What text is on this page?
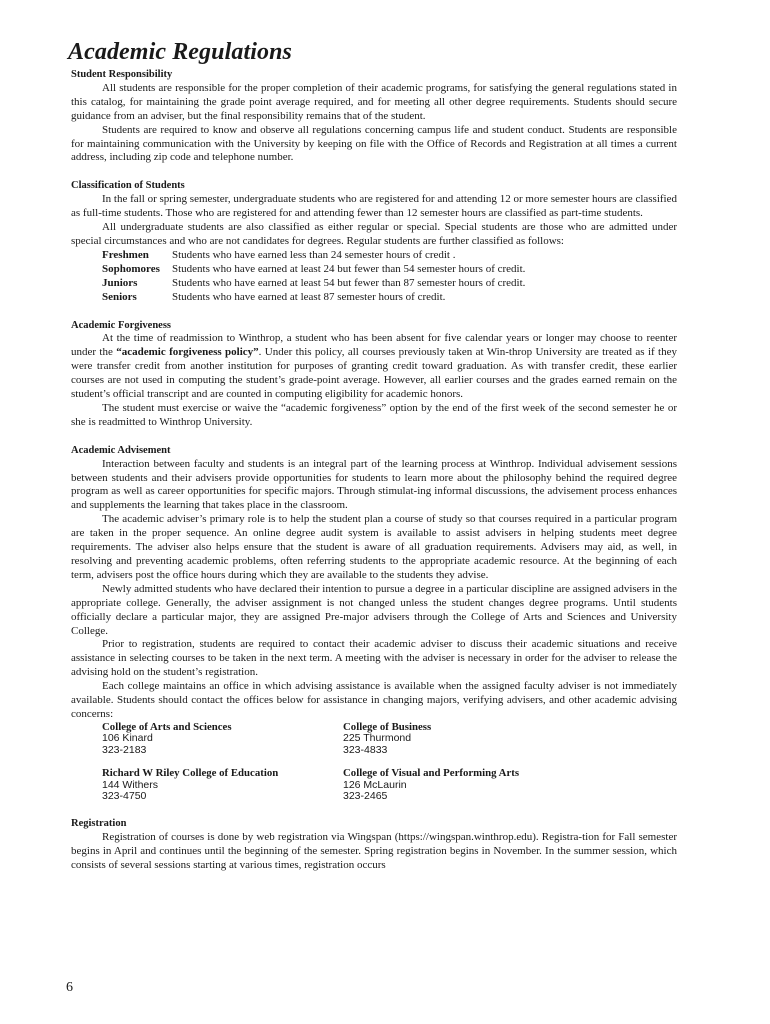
Academic Regulations

Student Responsibility

All students are responsible for the proper completion of their academic programs, for satisfying the general regulations stated in this catalog, for maintaining the grade point average required, and for meeting all other degree requirements. Students should secure guidance from an adviser, but the final responsibility remains that of the student.

Students are required to know and observe all regulations concerning campus life and student conduct. Students are responsible for maintaining communication with the University by keeping on file with the Office of Records and Registration at all times a current address, including zip code and telephone number.

Classification of Students

In the fall or spring semester, undergraduate students who are registered for and attending 12 or more semester hours are classified as full-time students. Those who are registered for and attending fewer than 12 semester hours are classified as part-time students.

All undergraduate students are also classified as either regular or special. Special students are those who are admitted under special circumstances and who are not candidates for degrees. Regular students are further classified as follows:

Freshmen	Students who have earned less than 24 semester hours of credit .
Sophomores	Students who have earned at least 24 but fewer than 54 semester hours of credit.
Juniors	Students who have earned at least 54 but fewer than 87 semester hours of credit.
Seniors	Students who have earned at least 87 semester hours of credit.

Academic Forgiveness

At the time of readmission to Winthrop, a student who has been absent for five calendar years or longer may choose to reenter under the “academic forgiveness policy”. Under this policy, all courses previously taken at Win-throp University are treated as if they were transfer credit from another institution for purposes of granting credit toward graduation. As with transfer credit, these earlier courses are not used in computing the student’s grade-point average. However, all earlier courses and the grades earned remain on the student’s official transcript and are counted in computing eligibility for academic honors.

The student must exercise or waive the “academic forgiveness” option by the end of the first week of the second semester he or she is readmitted to Winthrop University.

Academic Advisement

Interaction between faculty and students is an integral part of the learning process at Winthrop. Individual advisement sessions between students and their advisers provide opportunities for students to learn more about the philosophy behind the required degree program as well as career opportunities for specific majors. Through stimulat-ing informal discussions, the advisement process enhances and supplements the learning that takes place in the classroom.

The academic adviser’s primary role is to help the student plan a course of study so that courses required in a particular program are taken in the proper sequence. An online degree audit system is available to assist advisers in helping students meet degree requirements. The adviser also helps ensure that the student is aware of all graduation requirements. Advisers may aid, as well, in resolving and preventing academic problems, often referring students to the appropriate academic resource. At the beginning of each term, advisers post the office hours during which they are available to the students they advise.

Newly admitted students who have declared their intention to pursue a degree in a particular discipline are assigned advisers in the appropriate college. Generally, the adviser assignment is not changed unless the student changes degree programs. Until students officially declare a particular major, they are assigned Pre-major advisers through the College of Arts and Sciences and University College.

Prior to registration, students are required to contact their academic adviser to discuss their academic situations and receive assistance in selecting courses to be taken in the next term. A meeting with the adviser is necessary in order for the adviser to release the advising hold on the student’s registration.

Each college maintains an office in which advising assistance is available when the assigned faculty adviser is not immediately available. Students should contact the offices below for assistance in changing majors, verifying advisers, and other academic advising concerns:

College of Arts and Sciences
106 Kinard
323-2183
College of Business
225 Thurmond
323-4833
Richard W Riley College of Education
144 Withers
323-4750
College of Visual and Performing Arts
126 McLaurin
323-2465

Registration

Registration of courses is done by web registration via Wingspan (https://wingspan.winthrop.edu). Registra-tion for Fall semester begins in April and continues until the beginning of the semester. Spring registration begins in November. In the summer session, which consists of several sessions starting at various times, registration occurs

6
